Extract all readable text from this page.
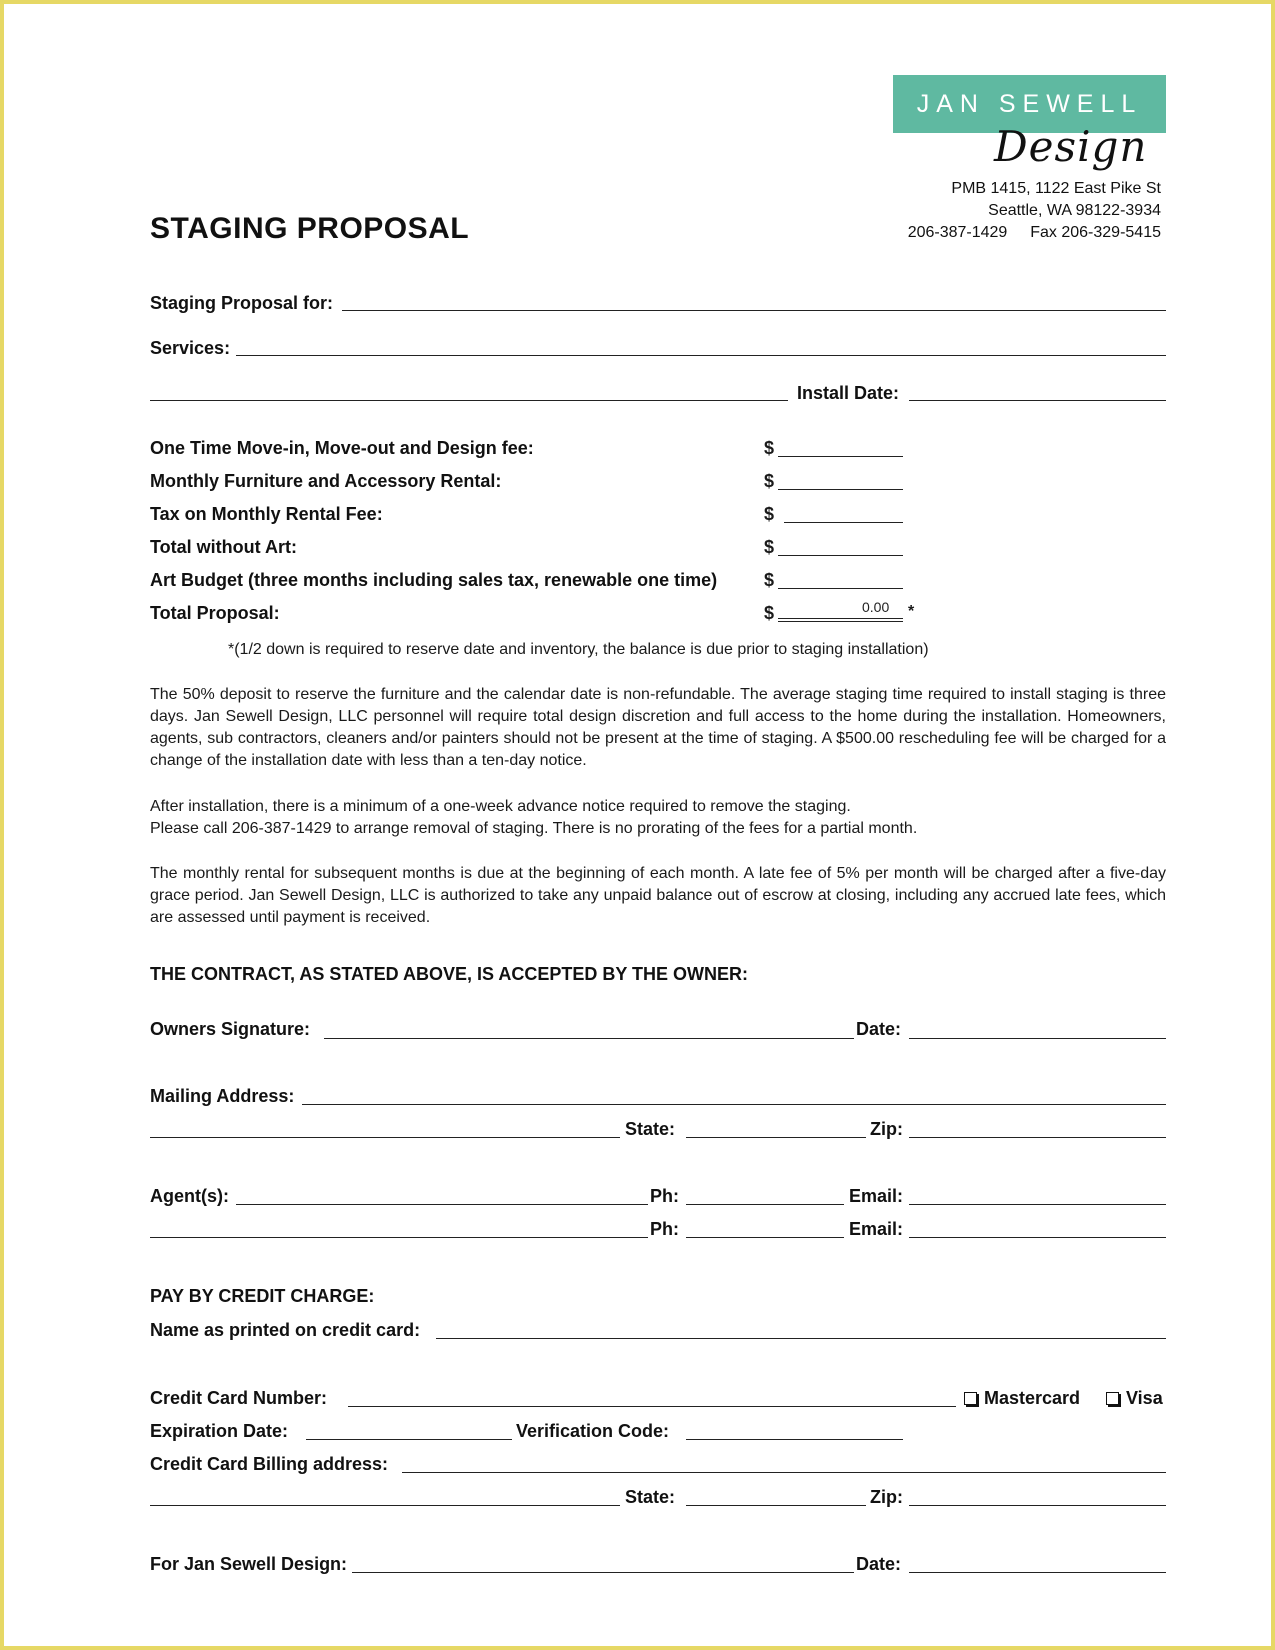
JAN SEWELL
Design
PMB 1415, 1122 East Pike St
Seattle, WA 98122-3934
206-387-1429 Fax 206-329-5415
STAGING PROPOSAL
Staging Proposal for:
Services:
Install Date:
One Time Move-in, Move-out and Design fee:	$
Monthly Furniture and Accessory Rental:	$
Tax on Monthly Rental Fee:	$
Total without Art:	$
Art Budget (three months including sales tax, renewable one time)	$
Total Proposal:	$	0.00 *
*(1/2 down is required to reserve date and inventory, the balance is due prior to staging installation)
The 50% deposit to reserve the furniture and the calendar date is non-refundable. The average staging time required to install staging is three days. Jan Sewell Design, LLC personnel will require total design discretion and full access to the home during the installation. Homeowners, agents, sub contractors, cleaners and/or painters should not be present at the time of staging. A $500.00 rescheduling fee will be charged for a change of the installation date with less than a ten-day notice.
After installation, there is a minimum of a one-week advance notice required to remove the staging.
Please call 206-387-1429 to arrange removal of staging. There is no prorating of the fees for a partial month.
The monthly rental for subsequent months is due at the beginning of each month. A late fee of 5% per month will be charged after a five-day grace period. Jan Sewell Design, LLC is authorized to take any unpaid balance out of escrow at closing, including any accrued late fees, which are assessed until payment is received.
THE CONTRACT, AS STATED ABOVE, IS ACCEPTED BY THE OWNER:
Owners Signature:	Date:
Mailing Address:
State:	Zip:
Agent(s):	Ph:	Email:
Ph:	Email:
PAY BY CREDIT CHARGE:
Name as printed on credit card:
Credit Card Number:	Mastercard	Visa
Expiration Date:	Verification Code:
Credit Card Billing address:
State:	Zip:
For Jan Sewell Design:	Date:
